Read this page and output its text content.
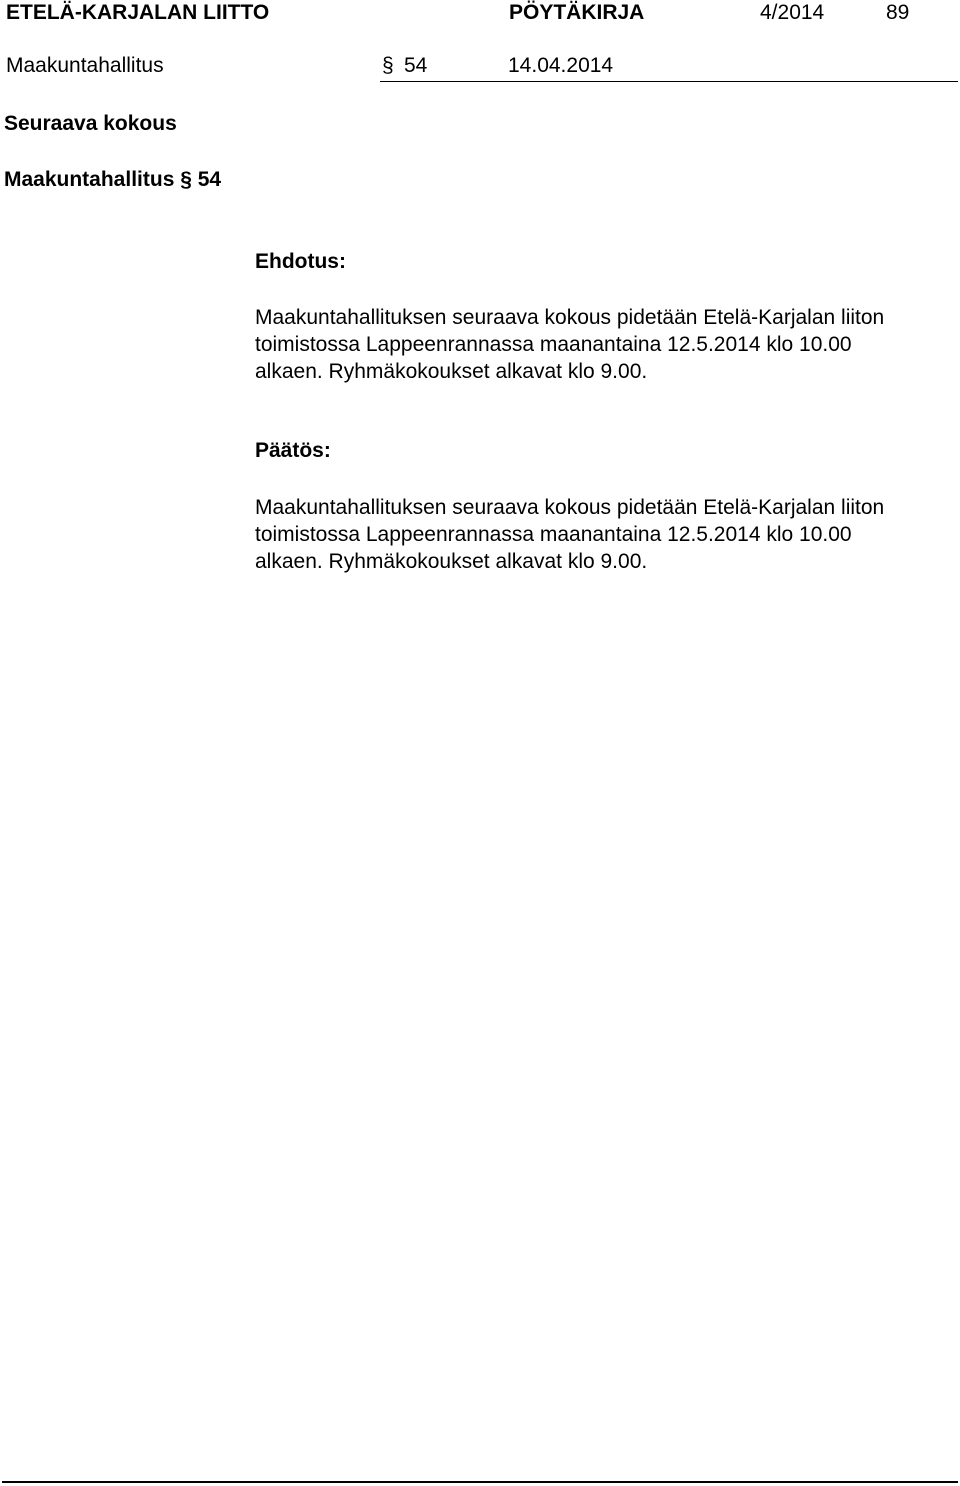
ETELÄ-KARJALAN LIITTO	PÖYTÄKIRJA	4/2014	89
Maakuntahallitus	§ 54	14.04.2014
Seuraava kokous
Maakuntahallitus § 54
Ehdotus:
Maakuntahallituksen seuraava kokous pidetään Etelä-Karjalan liiton
toimistossa Lappeenrannassa maanantaina 12.5.2014 klo 10.00
alkaen. Ryhmäkokoukset alkavat klo 9.00.
Päätös:
Maakuntahallituksen seuraava kokous pidetään Etelä-Karjalan liiton
toimistossa Lappeenrannassa maanantaina 12.5.2014 klo 10.00
alkaen. Ryhmäkokoukset alkavat klo 9.00.
